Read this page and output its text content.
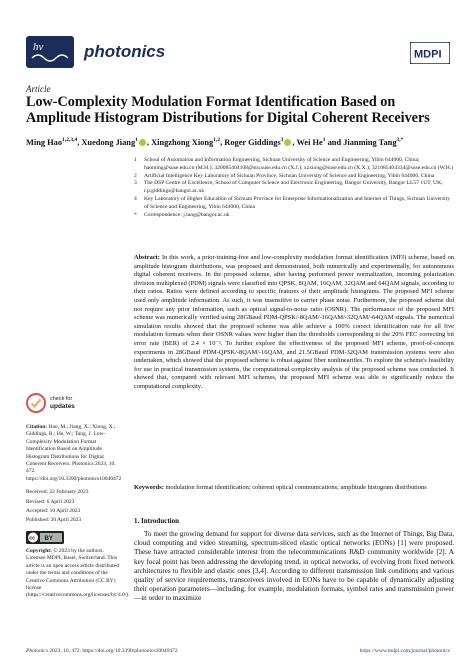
hv photonics	MDPI
Article
Low-Complexity Modulation Format Identification Based on Amplitude Histogram Distributions for Digital Coherent Receivers
Ming Hao$^{1,2,3,4}$, Xuedong Jiang$^1$ , Xingzhong Xiong$^{1,2}$, Roger Giddings$^3$ , Wei He$^1$ and Jianming Tang$^{3,*}$
1 School of Automation and Information Engineering, Sichuan University of Science and Engineering, Yibin 644000, China; haoming@suse.edu.cn (M.H.); 320085404108@stu.suse.edu.cn (X.J.); xzxiong@suse.edu.cn (X.X.); 321085404334@suse.edu.cn (W.H.)
2 Artificial Intelligence Key Laboratory of Sichuan Province, Sichuan University of Science and Engineering, Yibin 644000, China
3 The DSP Centre of Excellence, School of Computer Science and Electronic Engineering, Bangor University, Bangor LL57 1UT, UK; r.p.giddings@bangor.ac.uk
4 Key Laboratory of Higher Education of Sichuan Province for Enterprise Informationalization and Internet of Things, Sichuan University of Science and Engineering, Yibin 644000, China
* Correspondence: j.tang@bangor.ac.uk
Abstract: In this work, a prior-training-free and low-complexity modulation format identification (MFI) scheme, based on amplitude histogram distributions, was proposed and demonstrated, both numerically and experimentally, for autonomous digital coherent receivers. In the proposed scheme, after having performed power normalization, incoming polarization division multiplexed (PDM) signals were classified into QPSK, 8QAM, 16QAM, 32QAM and 64QAM signals, according to their ratios. Ratios were defined according to specific features of their amplitude histograms. The proposed MFI scheme used only amplitude information. As such, it was insensitive to carrier phase noise. Furthermore, the proposed scheme did not require any prior information, such as optical signal-to-noise ratio (OSNR). The performance of the proposed MFI scheme was numerically verified using 28GBaud PDM-QPSK/-8QAM/-16QAM/-32QAM/-64QAM signals. The numerical simulation results showed that the proposed scheme was able achieve a 100% correct identification rate for all five modulation formats when their OSNR values were higher than the thresholds corresponding to the 20% FEC correcting bit error rate (BER) of 2.4 × 10⁻². To further explore the effectiveness of the proposed MFI scheme, proof-of-concept experiments in 28GBaud PDM-QPSK/-8QAM/-16QAM, and 21.5GBaud PDM-32QAM transmission systems were also undertaken, which showed that the proposed scheme is robust against fiber nonlinearities. To explore the scheme's feasibility for use in practical transmission systems, the computational complexity analysis of the proposed scheme was conducted. It showed that, compared with relevant MFI schemes, the proposed MFI scheme was able to significantly reduce the computational complexity.
Keywords: modulation format identification; coherent optical communications; amplitude histogram distributions
check for
updates
Citation: Hao, M.; Jiang, X.; Xiong, X.; Giddings, R.; He, W.; Tang, J. Low-Complexity Modulation Format Identification Based on Amplitude Histogram Distributions for Digital Coherent Receivers. Photonics 2023, 10, 472. https://doi.org/10.3390/photonics10040472
Received: 22 February 2023
Revised: 6 April 2023
Accepted: 10 April 2023
Published: 20 April 2023
cc BY
Copyright: © 2023 by the authors. Licensee MDPI, Basel, Switzerland. This article is an open access article distributed under the terms and conditions of the Creative Commons Attribution (CC BY) license (https://creativecommons.org/licenses/by/4.0/).
1. Introduction
To meet the growing demand for support for diverse data services, such as the Internet of Things, Big Data, cloud computing and video streaming, spectrum-sliced elastic optical networks (EONs) [1] were proposed. These have attracted considerable interest from the telecommunications R&D community worldwide [2]. A key focal point has been addressing the developing trend, in optical networks, of evolving from fixed network architectures to flexible and elastic ones [3,4]. According to different transmission link conditions and various quality of service requirements, transceivers involved in EONs have to be capable of dynamically adjusting their operation parameters—including, for example, modulation formats, symbol rates and transmission power—in order to maximize
Photonics 2023, 10, 472. https://doi.org/10.3390/photonics10040472	https://www.mdpi.com/journal/photonics
